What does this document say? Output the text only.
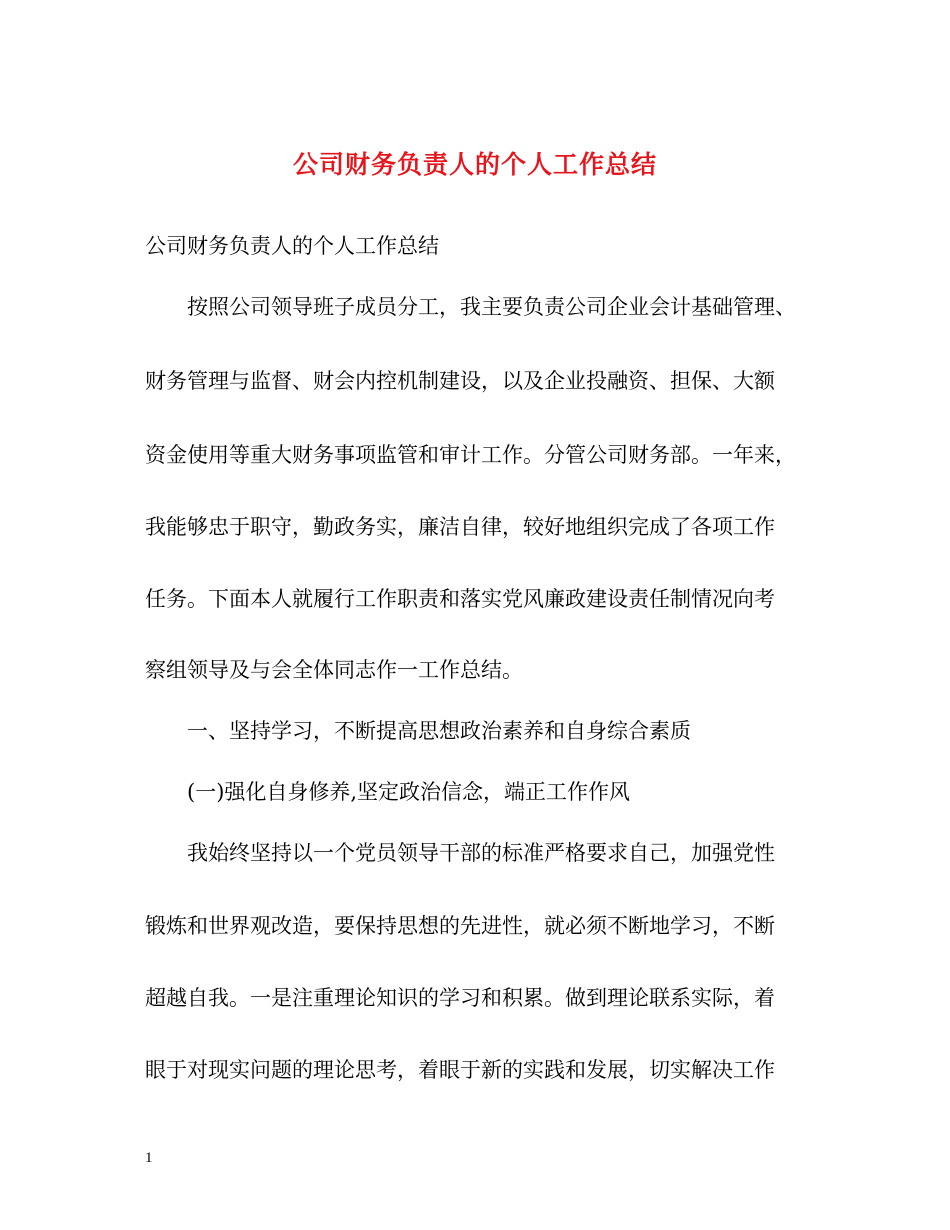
公司财务负责人的个人工作总结
公司财务负责人的个人工作总结
按照公司领导班子成员分工，我主要负责公司企业会计基础管理、
财务管理与监督、财会内控机制建设，以及企业投融资、担保、大额
资金使用等重大财务事项监管和审计工作。分管公司财务部。一年来，
我能够忠于职守，勤政务实，廉洁自律，较好地组织完成了各项工作
任务。下面本人就履行工作职责和落实党风廉政建设责任制情况向考
察组领导及与会全体同志作一工作总结。
一、坚持学习，不断提高思想政治素养和自身综合素质
(一)强化自身修养,坚定政治信念，端正工作作风
我始终坚持以一个党员领导干部的标准严格要求自己，加强党性
锻炼和世界观改造，要保持思想的先进性，就必须不断地学习，不断
超越自我。一是注重理论知识的学习和积累。做到理论联系实际，着
眼于对现实问题的理论思考，着眼于新的实践和发展，切实解决工作
1
